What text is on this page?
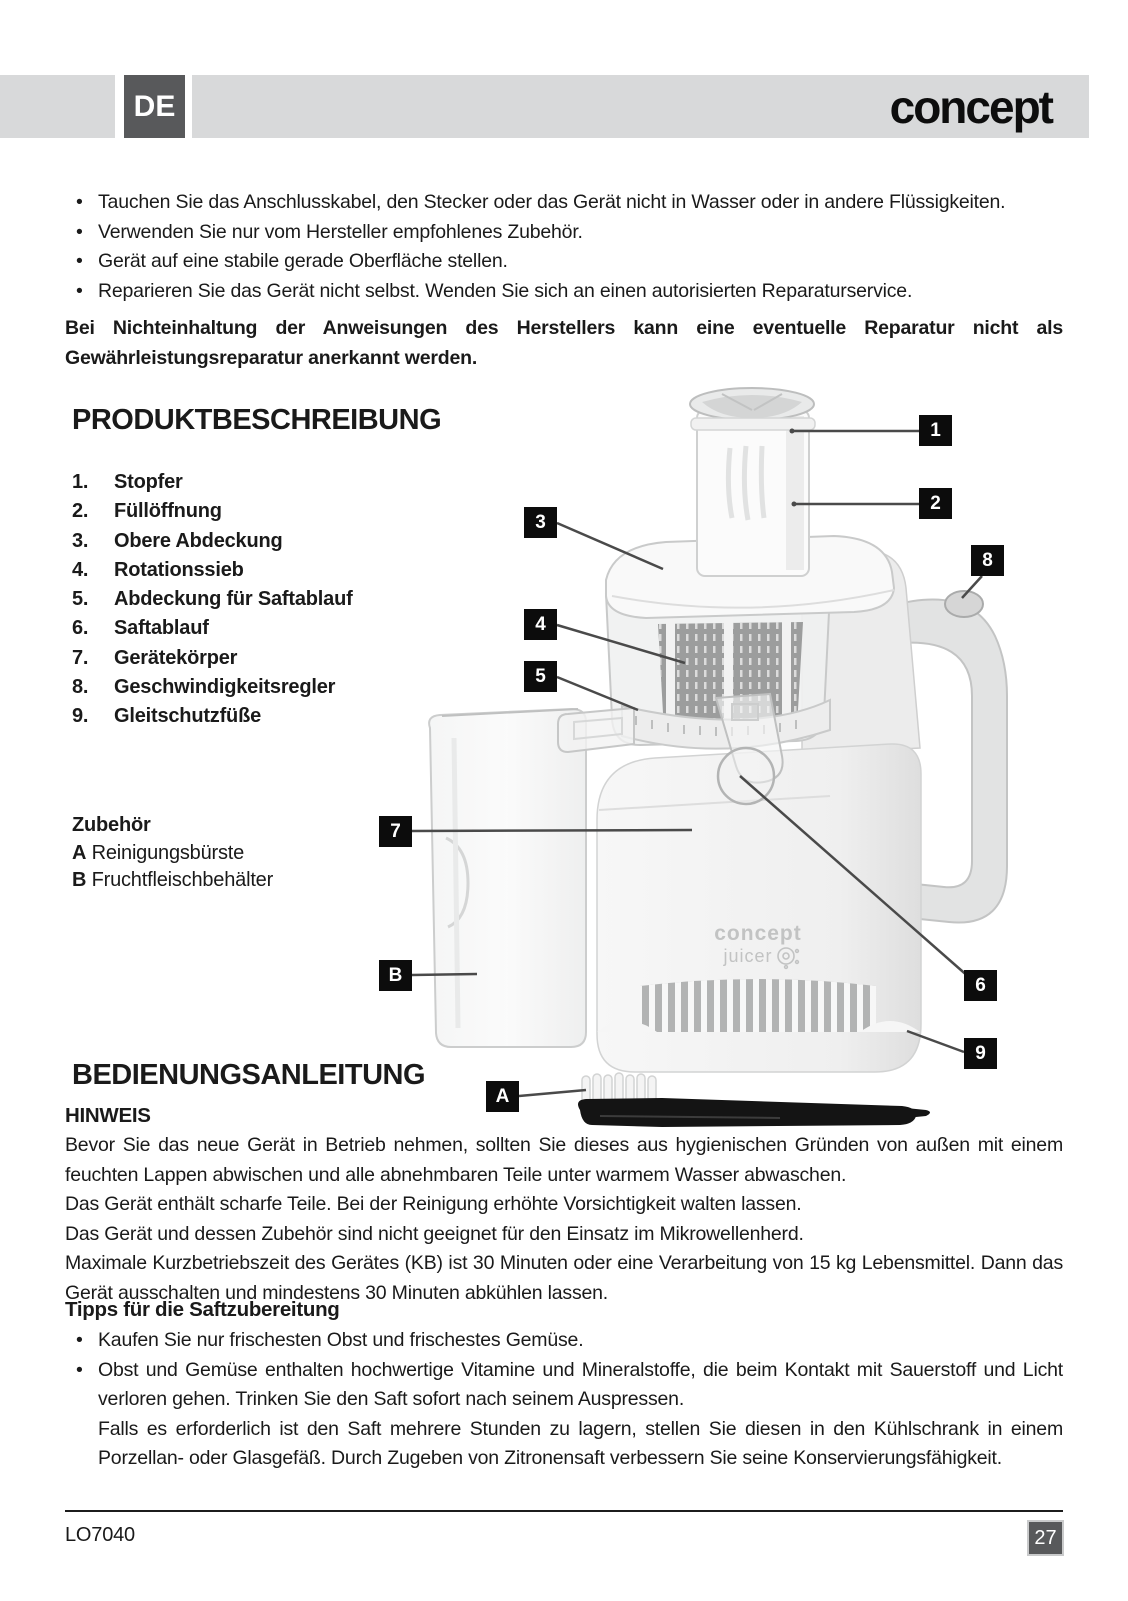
DE	concept
• Tauchen Sie das Anschlusskabel, den Stecker oder das Gerät nicht in Wasser oder in andere Flüssigkeiten.
• Verwenden Sie nur vom Hersteller empfohlenes Zubehör.
• Gerät auf eine stabile gerade Oberfläche stellen.
• Reparieren Sie das Gerät nicht selbst. Wenden Sie sich an einen autorisierten Reparaturservice.
Bei Nichteinhaltung der Anweisungen des Herstellers kann eine eventuelle Reparatur nicht als Gewährleistungsreparatur anerkannt werden.
PRODUKTBESCHREIBUNG
1.	Stopfer
2.	Füllöffnung
3.	Obere Abdeckung
4.	Rotationssieb
5.	Abdeckung für Saftablauf
6.	Saftablauf
7.	Gerätekörper
8.	Geschwindigkeitsregler
9.	Gleitschutzfüße
Zubehör
A Reinigungsbürste
B Fruchtfleischbehälter
concept
juicer
1
2
3
8
4
5
7
B	6
9
A
BEDIENUNGSANLEITUNG
HINWEIS

Bevor Sie das neue Gerät in Betrieb nehmen, sollten Sie dieses aus hygienischen Gründen von außen mit einem feuchten Lappen abwischen und alle abnehmbaren Teile unter warmem Wasser abwaschen.

Das Gerät enthält scharfe Teile. Bei der Reinigung erhöhte Vorsichtigkeit walten lassen.

Das Gerät und dessen Zubehör sind nicht geeignet für den Einsatz im Mikrowellenherd.

Maximale Kurzbetriebszeit des Gerätes (KB) ist 30 Minuten oder eine Verarbeitung von 15 kg Lebensmittel. Dann das Gerät ausschalten und mindestens 30 Minuten abkühlen lassen.

Tipps für die Saftzubereitung
• Kaufen Sie nur frischesten Obst und frischestes Gemüse.
• Obst und Gemüse enthalten hochwertige Vitamine und Mineralstoffe, die beim Kontakt mit Sauerstoff und Licht verloren gehen. Trinken Sie den Saft sofort nach seinem Auspressen.
Falls es erforderlich ist den Saft mehrere Stunden zu lagern, stellen Sie diesen in den Kühlschrank in einem Porzellan- oder Glasgefäß. Durch Zugeben von Zitronensaft verbessern Sie seine Konservierungsfähigkeit.
LO7040	27
